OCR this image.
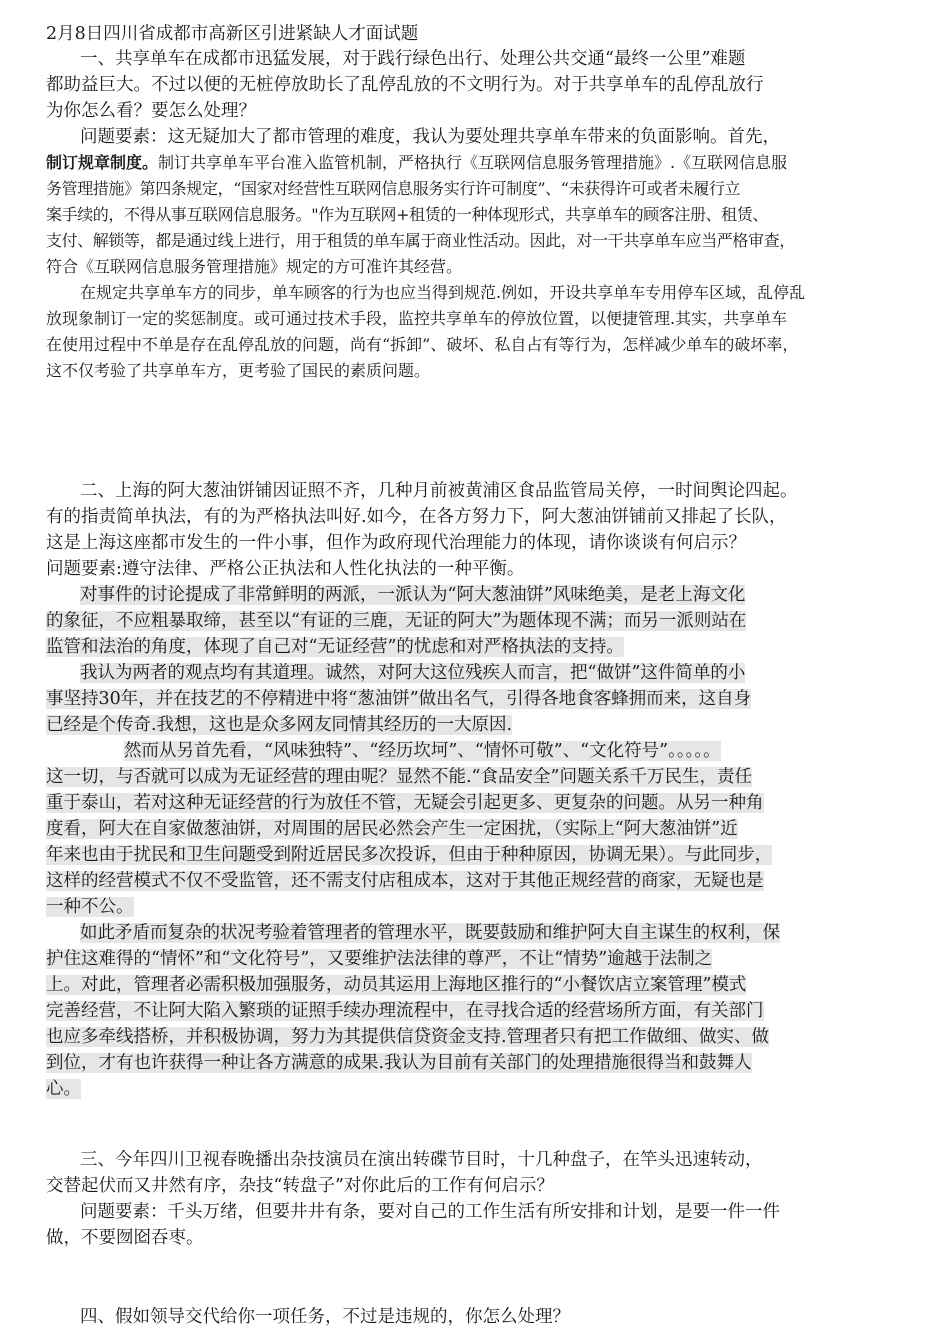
2月8日四川省成都市高新区引进紧缺人才面试题
一、共享单车在成都市迅猛发展，对于践行绿色出行、处理公共交通“最终一公里”难题
都助益巨大。不过以便的无桩停放助长了乱停乱放的不文明行为。对于共享单车的乱停乱放行
为你怎么看？要怎么处理？
问题要素：这无疑加大了都市管理的难度，我认为要处理共享单车带来的负面影响。首先，
制订规章制度。制订共享单车平台准入监管机制，严格执行《互联网信息服务管理措施》.《互联网信息服
务管理措施》第四条规定，“国家对经营性互联网信息服务实行许可制度”、“未获得许可或者未履行立
案手续的，不得从事互联网信息服务。"作为互联网+租赁的一种体现形式，共享单车的顾客注册、租赁、
支付、解锁等，都是通过线上进行，用于租赁的单车属于商业性活动。因此，对一干共享单车应当严格审查，
符合《互联网信息服务管理措施》规定的方可准许其经营。
在规定共享单车方的同步，单车顾客的行为也应当得到规范.例如，开设共享单车专用停车区域，乱停乱
放现象制订一定的奖惩制度。或可通过技术手段，监控共享单车的停放位置，以便捷管理.其实，共享单车
在使用过程中不单是存在乱停乱放的问题，尚有“拆卸”、破坏、私自占有等行为，怎样减少单车的破坏率，
这不仅考验了共享单车方，更考验了国民的素质问题。
二、上海的阿大葱油饼铺因证照不齐，几种月前被黄浦区食品监管局关停，一时间舆论四起。
有的指责简单执法，有的为严格执法叫好.如今，在各方努力下，阿大葱油饼铺前又排起了长队，
这是上海这座都市发生的一件小事，但作为政府现代治理能力的体现，请你谈谈有何启示？
问题要素:遵守法律、严格公正执法和人性化执法的一种平衡。
对事件的讨论提成了非常鲜明的两派，一派认为“阿大葱油饼”风味绝美，是老上海文化
的象征，不应粗暴取缔，甚至以“有证的三鹿，无证的阿大”为题体现不满；而另一派则站在
监管和法治的角度，体现了自己对“无证经营”的忧虑和对严格执法的支持。
我认为两者的观点均有其道理。诚然，对阿大这位残疾人而言，把“做饼”这件简单的小
事坚持30年，并在技艺的不停精进中将“葱油饼”做出名气，引得各地食客蜂拥而来，这自身
已经是个传奇.我想，这也是众多网友同情其经历的一大原因.
然而从另首先看，“风味独特”、“经历坎坷”、“情怀可敬”、“文化符号”。。。。。
这一切，与否就可以成为无证经营的理由呢？显然不能.“食品安全”问题关系千万民生，责任
重于泰山，若对这种无证经营的行为放任不管，无疑会引起更多、更复杂的问题。从另一种角
度看，阿大在自家做葱油饼，对周围的居民必然会产生一定困扰，（实际上“阿大葱油饼”近
年来也由于扰民和卫生问题受到附近居民多次投诉，但由于种种原因，协调无果）。与此同步，
这样的经营模式不仅不受监管，还不需支付店租成本，这对于其他正规经营的商家，无疑也是
一种不公。
如此矛盾而复杂的状况考验着管理者的管理水平，既要鼓励和维护阿大自主谋生的权利，保
护住这难得的“情怀”和“文化符号”，又要维护法法律的尊严，不让“情势”逾越于法制之
上。对此，管理者必需积极加强服务，动员其运用上海地区推行的“小餐饮店立案管理”模式
完善经营，不让阿大陷入繁琐的证照手续办理流程中，在寻找合适的经营场所方面，有关部门
也应多牵线搭桥，并积极协调，努力为其提供信贷资金支持.管理者只有把工作做细、做实、做
到位，才有也许获得一种让各方满意的成果.我认为目前有关部门的处理措施很得当和鼓舞人
心。
三、今年四川卫视春晚播出杂技演员在演出转碟节目时，十几种盘子，在竿头迅速转动，
交替起伏而又井然有序，杂技“转盘子”对你此后的工作有何启示？
问题要素：千头万绪，但要井井有条，要对自己的工作生活有所安排和计划，是要一件一件
做，不要囫囵吞枣。
四、假如领导交代给你一项任务，不过是违规的，你怎么处理？
